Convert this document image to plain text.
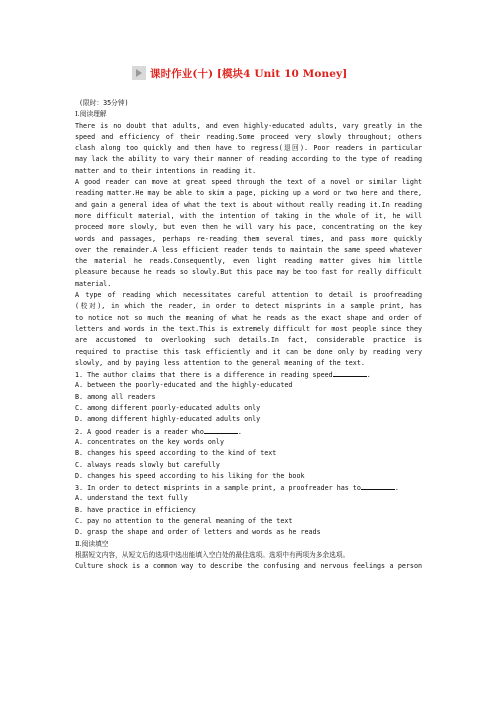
课时作业(十) [模块4 Unit 10 Money]
(限时：35分钟)
Ⅰ.阅读理解
There is no doubt that adults, and even highly-educated adults, vary greatly in the
speed and efficiency of their reading.Some proceed very slowly throughout; others
clash along too quickly and then have to regress(退回). Poor readers in particular
may lack the ability to vary their manner of reading according to the type of reading
matter and to their intentions in reading it.
A good reader can move at great speed through the text of a novel or similar light
reading matter.He may be able to skim a page, picking up a word or two here and there,
and gain a general idea of what the text is about without really reading it.In reading
more difficult material, with the intention of taking in the whole of it, he will
proceed more slowly, but even then he will vary his pace, concentrating on the key
words and passages, perhaps re-reading them several times, and pass more quickly
over the remainder.A less efficient reader tends to maintain the same speed whatever
the material he reads.Consequently, even light reading matter gives him little
pleasure because he reads so slowly.But this pace may be too fast for really difficult
material.
A type of reading which necessitates careful attention to detail is proofreading
(校对), in which the reader, in order to detect misprints in a sample print, has
to notice not so much the meaning of what he reads as the exact shape and order of
letters and words in the text.This is extremely difficult for most people since they
are accustomed to overlooking such details.In fact, considerable practice is
required to practise this task efficiently and it can be done only by reading very
slowly, and by paying less attention to the general meaning of the text.
1. The author claims that there is a difference in reading speed	.
A. between the poorly-educated and the highly-educated
B. among all readers
C. among different poorly-educated adults only
D. among different highly-educated adults only
2. A good reader is a reader who	.
A. concentrates on the key words only
B. changes his speed according to the kind of text
C. always reads slowly but carefully
D. changes his speed according to his liking for the book
3. In order to detect misprints in a sample print, a proofreader has to	.
A. understand the text fully
B. have practice in efficiency
C. pay no attention to the general meaning of the text
D. grasp the shape and order of letters and words as he reads
Ⅱ.阅读填空
根据短文内容，从短文后的选项中选出能填入空白处的最佳选项。选项中有两项为多余选项。
Culture shock is a common way to describe the confusing and nervous feelings a person
